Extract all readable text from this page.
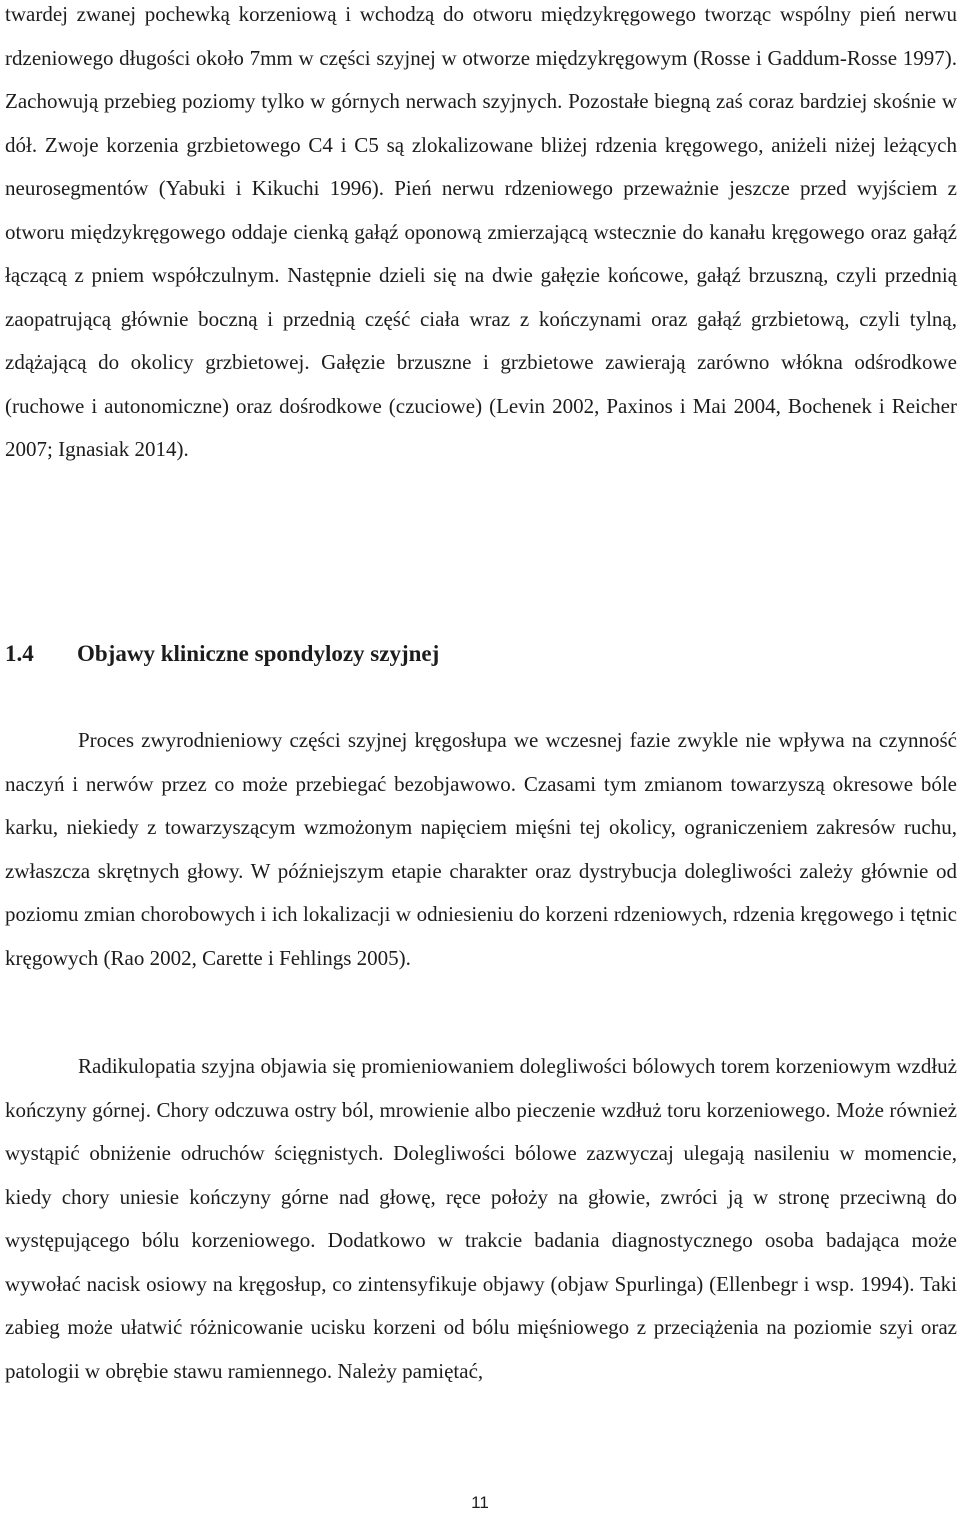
twardej zwanej pochewką korzeniową i wchodzą do otworu międzykręgowego tworząc wspólny pień nerwu rdzeniowego długości około 7mm w części szyjnej w otworze międzykręgowym (Rosse i Gaddum-Rosse 1997). Zachowują przebieg poziomy tylko w górnych nerwach szyjnych. Pozostałe biegną zaś coraz bardziej skośnie w dół. Zwoje korzenia grzbietowego C4 i C5 są zlokalizowane bliżej rdzenia kręgowego, aniżeli niżej leżących neurosegmentów (Yabuki i Kikuchi 1996). Pień nerwu rdzeniowego przeważnie jeszcze przed wyjściem z otworu międzykręgowego oddaje cienką gałąź oponową zmierzającą wstecznie do kanału kręgowego oraz gałąź łączącą z pniem współczulnym. Następnie dzieli się na dwie gałęzie końcowe, gałąź brzuszną, czyli przednią zaopatrującą głównie boczną i przednią część ciała wraz z kończynami oraz gałąź grzbietową, czyli tylną, zdążającą do okolicy grzbietowej. Gałęzie brzuszne i grzbietowe zawierają zarówno włókna odśrodkowe (ruchowe i autonomiczne) oraz dośrodkowe (czuciowe) (Levin 2002, Paxinos i Mai 2004, Bochenek i Reicher 2007; Ignasiak 2014).

1.4 Objawy kliniczne spondylozy szyjnej

Proces zwyrodnieniowy części szyjnej kręgosłupa we wczesnej fazie zwykle nie wpływa na czynność naczyń i nerwów przez co może przebiegać bezobjawowo. Czasami tym zmianom towarzyszą okresowe bóle karku, niekiedy z towarzyszącym wzmożonym napięciem mięśni tej okolicy, ograniczeniem zakresów ruchu, zwłaszcza skrętnych głowy. W późniejszym etapie charakter oraz dystrybucja dolegliwości zależy głównie od poziomu zmian chorobowych i ich lokalizacji w odniesieniu do korzeni rdzeniowych, rdzenia kręgowego i tętnic kręgowych (Rao 2002, Carette i Fehlings 2005).

Radikulopatia szyjna objawia się promieniowaniem dolegliwości bólowych torem korzeniowym wzdłuż kończyny górnej. Chory odczuwa ostry ból, mrowienie albo pieczenie wzdłuż toru korzeniowego. Może również wystąpić obniżenie odruchów ścięgnistych. Dolegliwości bólowe zazwyczaj ulegają nasileniu w momencie, kiedy chory uniesie kończyny górne nad głowę, ręce położy na głowie, zwróci ją w stronę przeciwną do występującego bólu korzeniowego. Dodatkowo w trakcie badania diagnostycznego osoba badająca może wywołać nacisk osiowy na kręgosłup, co zintensyfikuje objawy (objaw Spurlinga) (Ellenbegr i wsp. 1994). Taki zabieg może ułatwić różnicowanie ucisku korzeni od bólu mięśniowego z przeciążenia na poziomie szyi oraz patologii w obrębie stawu ramiennego. Należy pamiętać,

11
